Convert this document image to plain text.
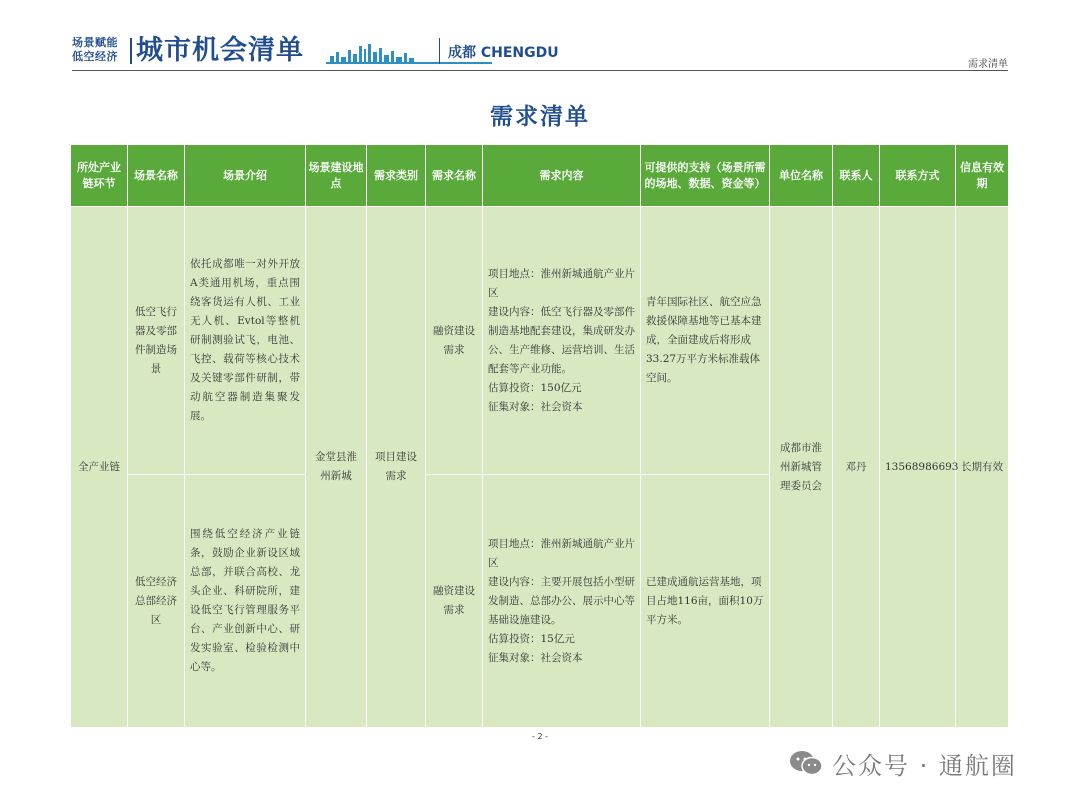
场景赋能 低空经济 城市机会清单	成都 CHENGDU
需求清单
需求清单
所处产业链环节	场景名称	场景介绍	场景建设地点	需求类别	需求名称	需求内容	可提供的支持（场景所需的场地、数据、资金等）	单位名称	联系人	联系方式	信息有效期
全产业链	低空飞行器及零部件制造场景	依托成都唯一对外开放A类通用机场，重点围绕客货运有人机、工业无人机、Evtol等整机研制测验试飞，电池、飞控、载荷等核心技术及关键零部件研制，带动航空器制造集聚发展。	金堂县淮州新城	项目建设需求	融资建设需求	项目地点：淮州新城通航产业片区
建设内容：低空飞行器及零部件制造基地配套建设，集成研发办公、生产维修、运营培训、生活配套等产业功能。
估算投资：150亿元
征集对象：社会资本	青年国际社区、航空应急救援保障基地等已基本建成，全面建成后将形成33.27万平方米标准载体空间。	成都市淮州新城管理委员会	邓丹	13568986693	长期有效
	低空经济总部经济区	围绕低空经济产业链条，鼓励企业新设区域总部，并联合高校、龙头企业、科研院所，建设低空飞行管理服务平台、产业创新中心、研发实验室、检验检测中心等。			融资建设需求	项目地点：淮州新城通航产业片区
建设内容：主要开展包括小型研发制造、总部办公、展示中心等基础设施建设。
估算投资：15亿元
征集对象：社会资本	已建成通航运营基地，项目占地116亩，面积10万平方米。				
- 2 -
公众号 · 通航圈
